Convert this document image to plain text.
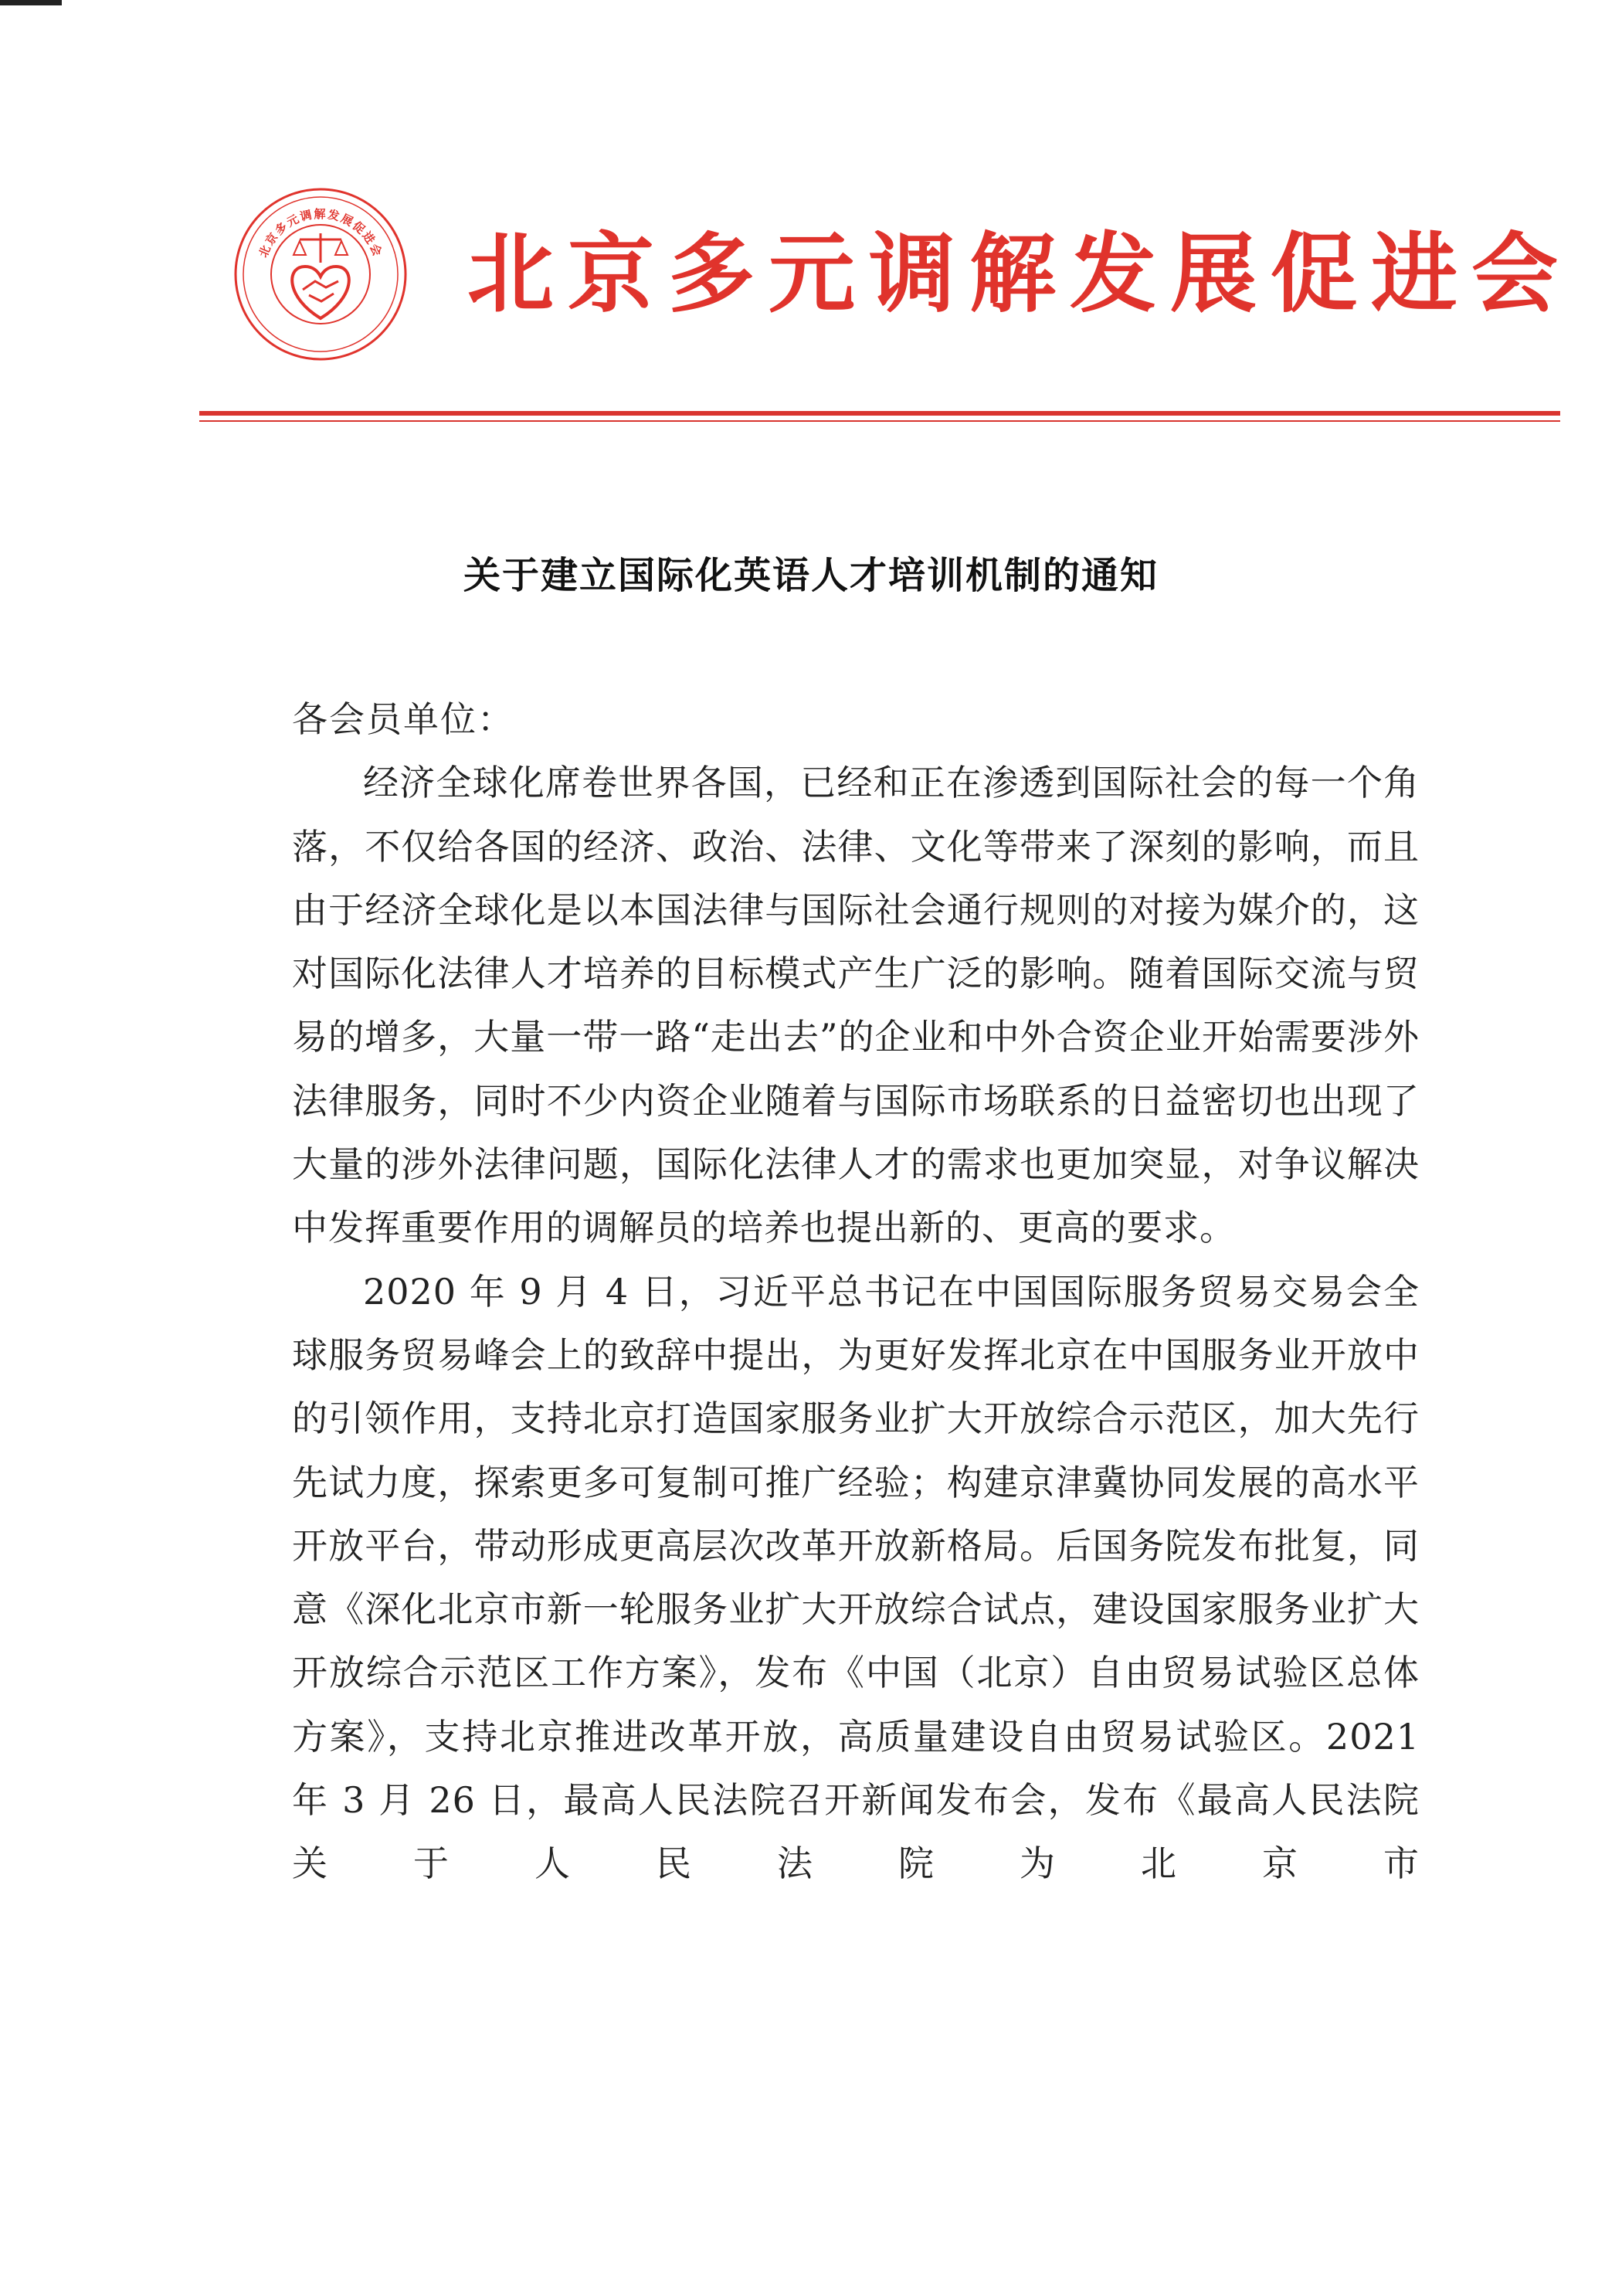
北京多元调解发展促进会 北京多元调解发展促进会
关于建立国际化英语人才培训机制的通知

各会员单位：

经济全球化席卷世界各国，已经和正在渗透到国际社会的每一个角落，不仅给各国的经济、政治、法律、文化等带来了深刻的影响，而且由于经济全球化是以本国法律与国际社会通行规则的对接为媒介的，这对国际化法律人才培养的目标模式产生广泛的影响。随着国际交流与贸易的增多，大量一带一路“走出去”的企业和中外合资企业开始需要涉外法律服务，同时不少内资企业随着与国际市场联系的日益密切也出现了大量的涉外法律问题，国际化法律人才的需求也更加突显，对争议解决中发挥重要作用的调解员的培养也提出新的、更高的要求。

2020 年 9 月 4 日，习近平总书记在中国国际服务贸易交易会全球服务贸易峰会上的致辞中提出，为更好发挥北京在中国服务业开放中的引领作用，支持北京打造国家服务业扩大开放综合示范区，加大先行先试力度，探索更多可复制可推广经验；构建京津冀协同发展的高水平开放平台，带动形成更高层次改革开放新格局。后国务院发布批复，同意《深化北京市新一轮服务业扩大开放综合试点，建设国家服务业扩大开放综合示范区工作方案》，发布《中国（北京）自由贸易试验区总体方案》，支持北京推进改革开放，高质量建设自由贸易试验区。2021 年 3 月 26 日，最高人民法院召开新闻发布会，发布《最高人民法院关于人民法院为北京市
